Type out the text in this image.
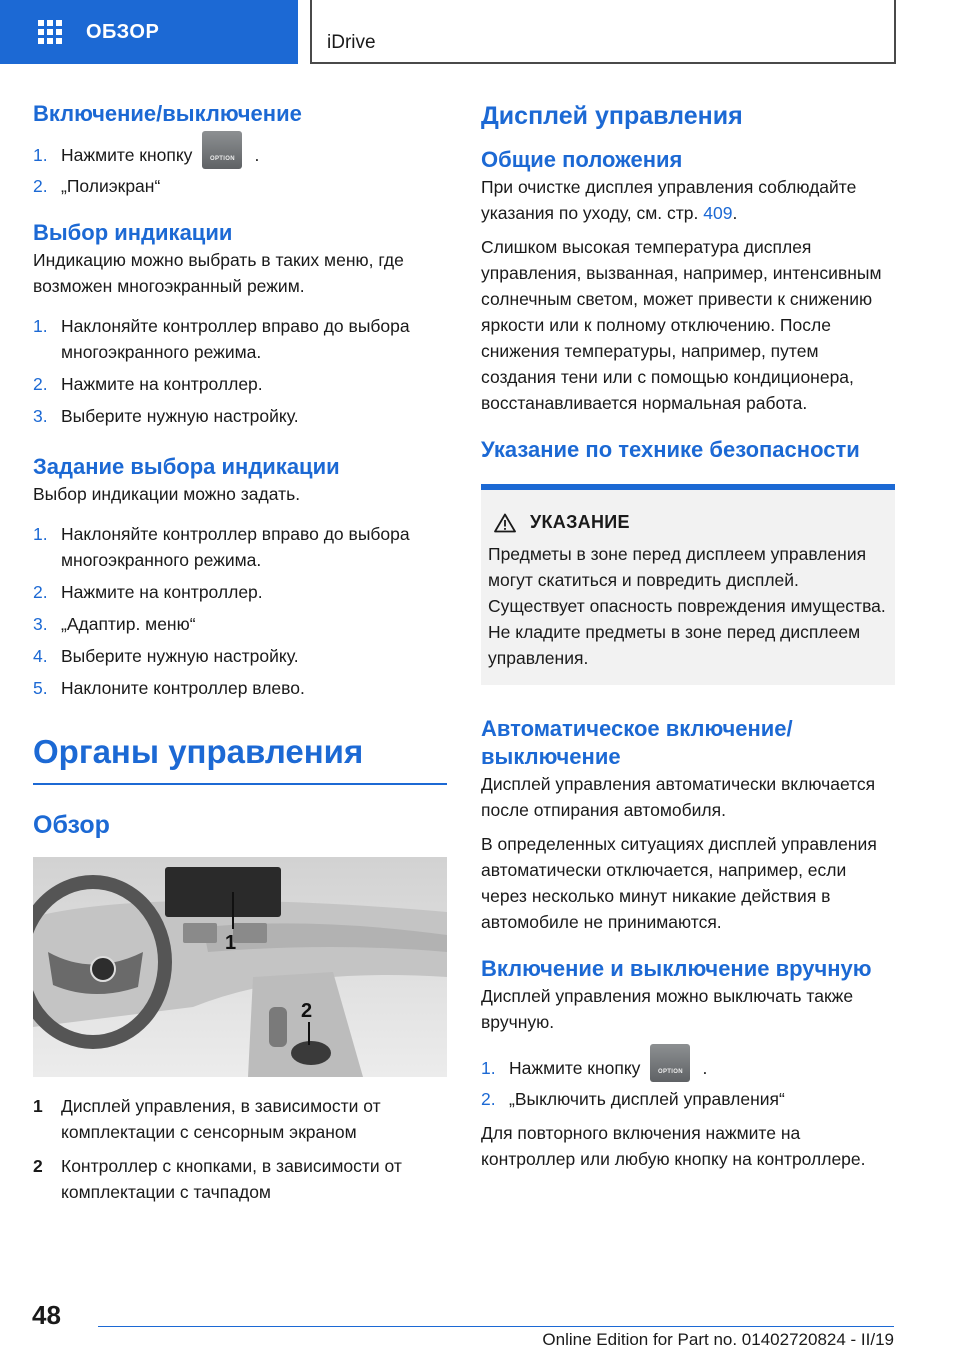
ОБЗОР	iDrive
Включение/выключение
1. Нажмите кнопку	OPTION	.
2. „Полиэкран“
Выбор индикации
Индикацию можно выбрать в таких меню, где возможен многоэкранный режим.
1. Наклоняйте контроллер вправо до выбора многоэкранного режима.
2. Нажмите на контроллер.
3. Выберите нужную настройку.
Задание выбора индикации
Выбор индикации можно задать.
1. Наклоняйте контроллер вправо до выбора многоэкранного режима.
2. Нажмите на контроллер.
3. „Адаптир. меню“
4. Выберите нужную настройку.
5. Наклоните контроллер влево.
Органы управления
Обзор
1
2
1 Дисплей управления, в зависимости от комплектации с сенсорным экраном
2 Контроллер с кнопками, в зависимости от комплектации с тачпадом
Дисплей управления
Общие положения
При очистке дисплея управления соблюдайте указания по уходу, см. стр. 409.
Слишком высокая температура дисплея управления, вызванная, например, интенсивным солнечным светом, может привести к снижению яркости или к полному отключению. После снижения температуры, например, путем создания тени или с помощью кондиционера, восстанавливается нормальная работа.
Указание по технике безопасности
УКАЗАНИЕ
Предметы в зоне перед дисплеем управления могут скатиться и повредить дисплей. Существует опасность повреждения имущества. Не кладите предметы в зоне перед дисплеем управления.
Автоматическое включение/выключение
Дисплей управления автоматически включается после отпирания автомобиля.
В определенных ситуациях дисплей управления автоматически отключается, например, если через несколько минут никакие действия в автомобиле не принимаются.
Включение и выключение вручную
Дисплей управления можно выключать также вручную.
1. Нажмите кнопку	OPTION	.
2. „Выключить дисплей управления“
Для повторного включения нажмите на контроллер или любую кнопку на контроллере.
48
Online Edition for Part no. 01402720824 - II/19
